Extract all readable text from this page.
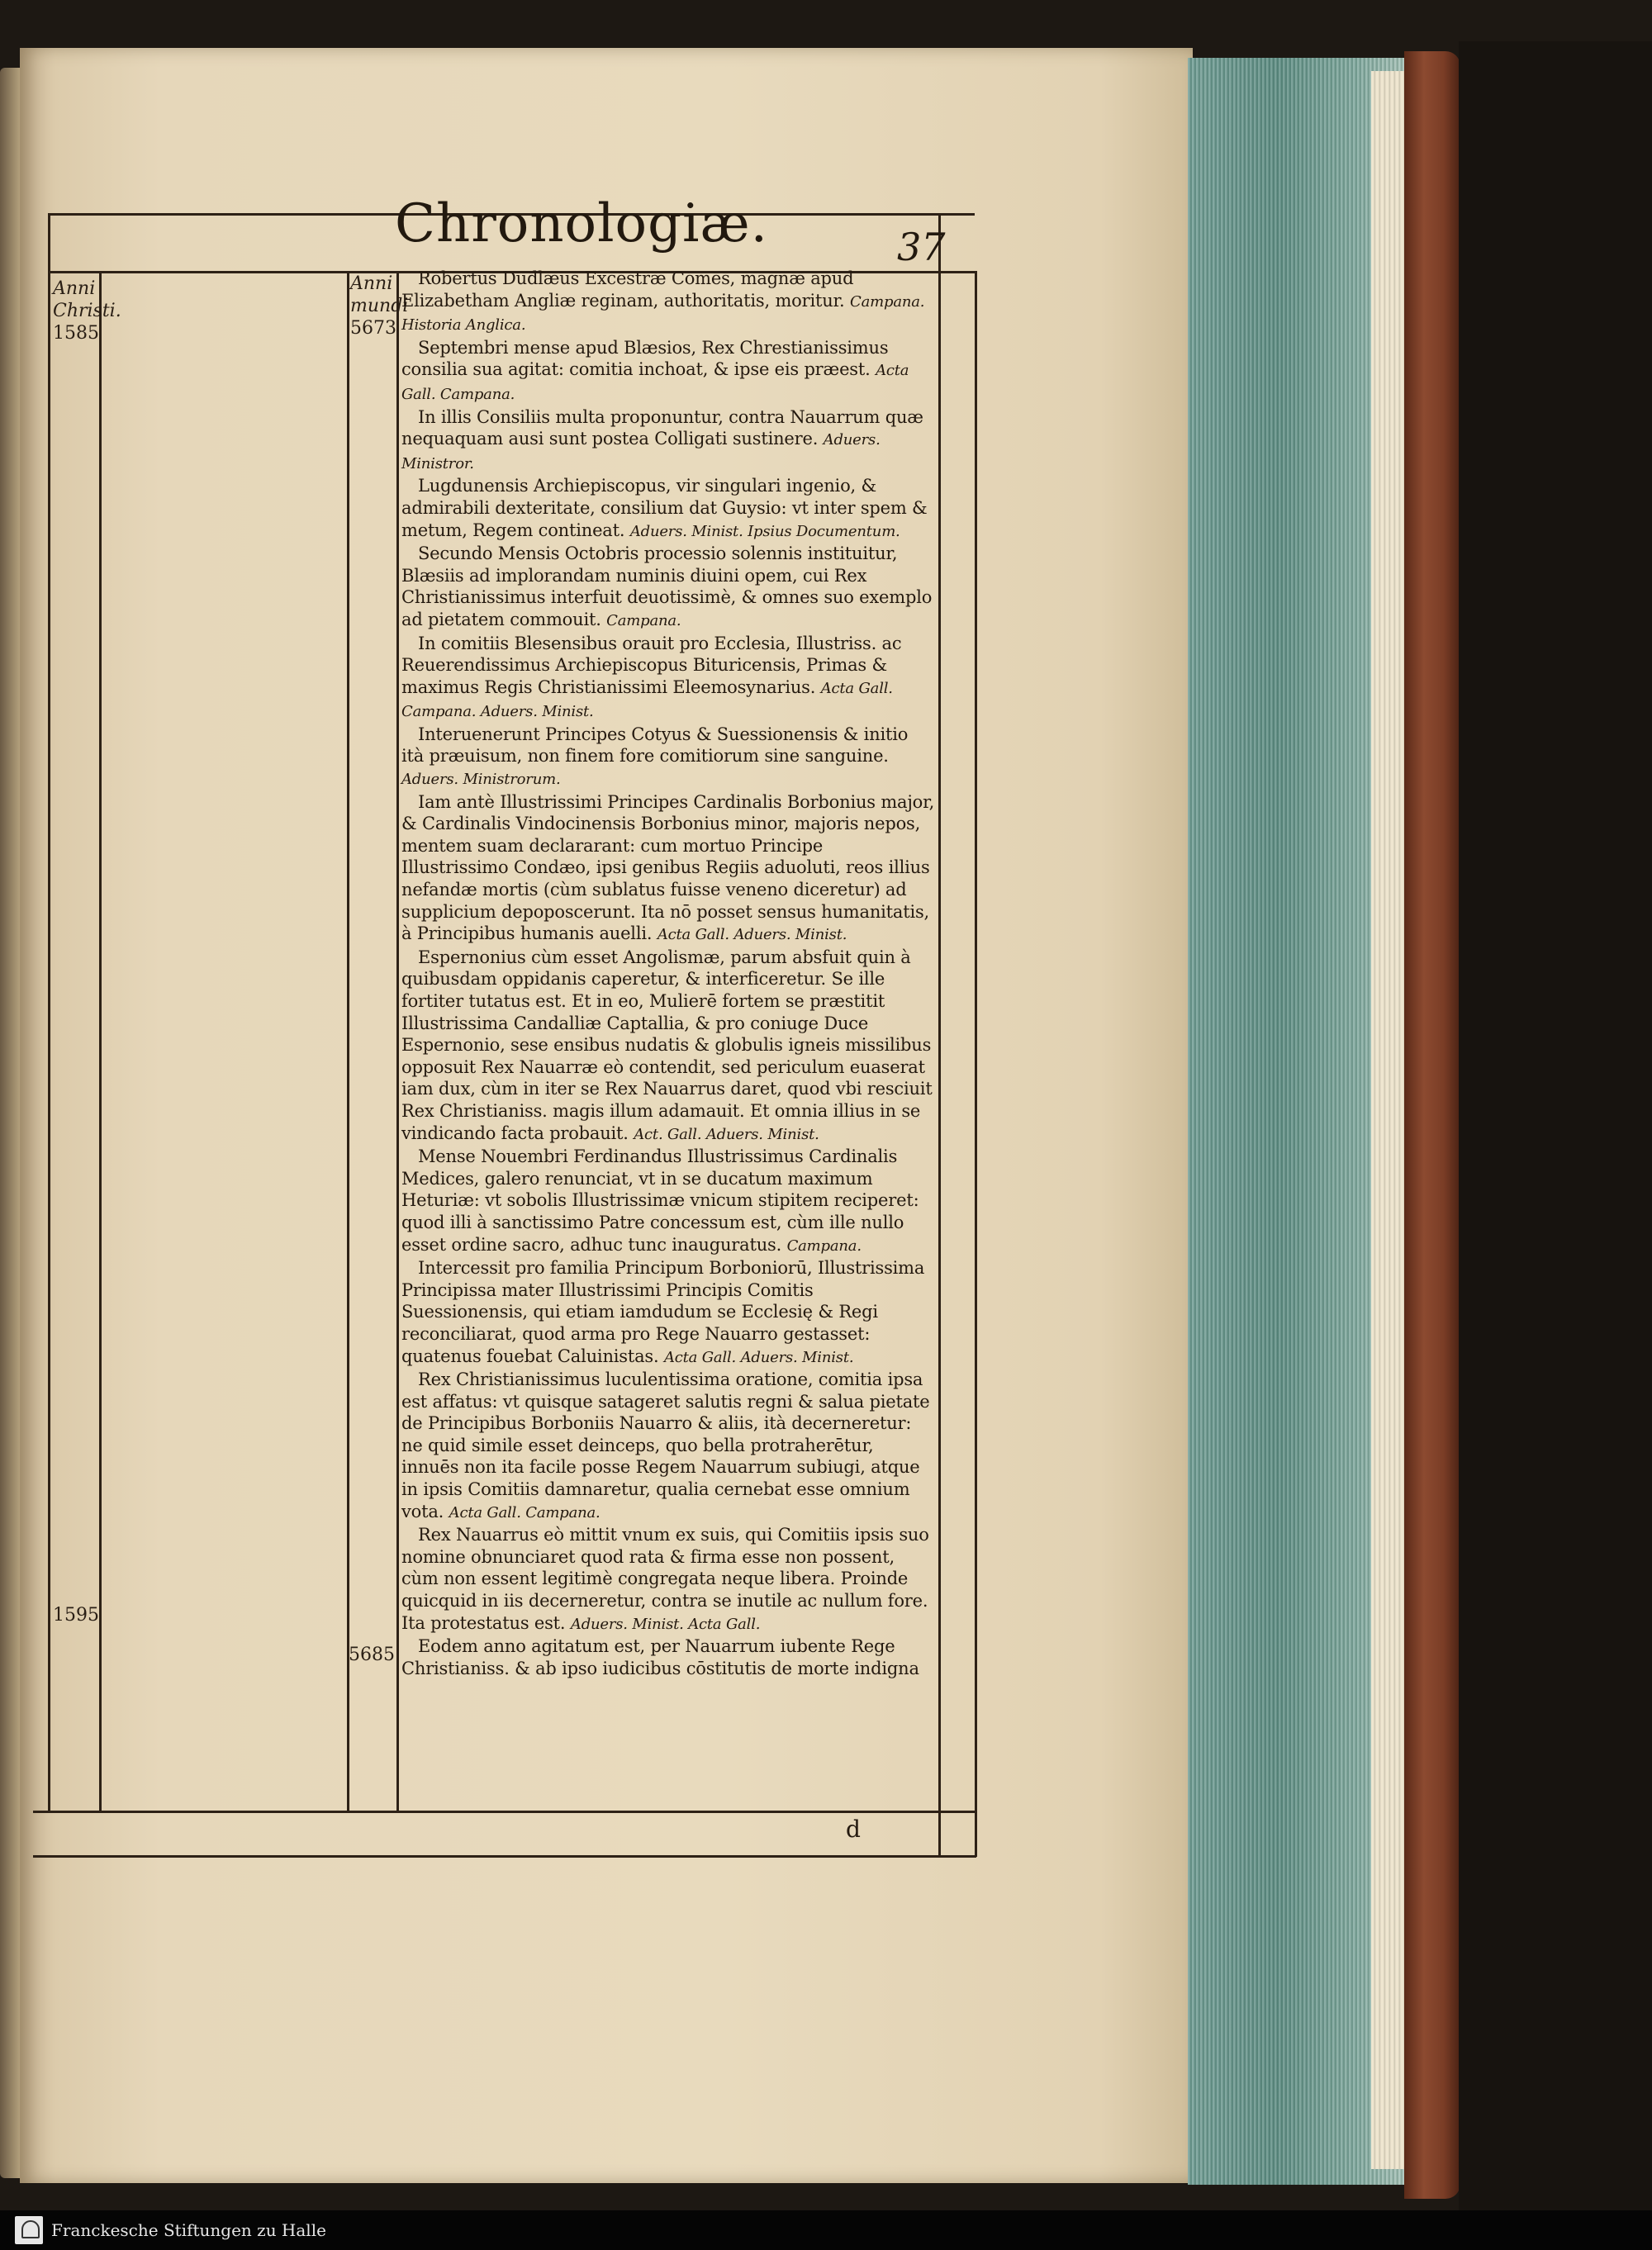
Chronologiæ.	37
Anni
Christi.
1585
1595
Anni
mundi
5673
5685

Robertus Dudlæus Excestræ Comes, magnæ apud Elizabetham Angliæ reginam, authoritatis, moritur. Campana. Historia Anglica.

Septembri mense apud Blæsios, Rex Chrestianissimus consilia sua agitat: comitia inchoat, & ipse eis præest. Acta Gall. Campana.

In illis Consiliis multa proponuntur, contra Nauarrum quæ nequaquam ausi sunt postea Colligati sustinere. Aduers. Ministror.

Lugdunensis Archiepiscopus, vir singulari ingenio, & admirabili dexteritate, consilium dat Guysio: vt inter spem & metum, Regem contineat. Aduers. Minist. Ipsius Documentum.

Secundo Mensis Octobris processio solennis instituitur, Blæsiis ad implorandam numinis diuini opem, cui Rex Christianissimus interfuit deuotissimè, & omnes suo exemplo ad pietatem commouit. Campana.

In comitiis Blesensibus orauit pro Ecclesia, Illustriss. ac Reuerendissimus Archiepiscopus Bituricensis, Primas & maximus Regis Christianissimi Eleemosynarius. Acta Gall. Campana. Aduers. Minist.

Interuenerunt Principes Cotyus & Suessionensis & initio ità præuisum, non finem fore comitiorum sine sanguine. Aduers. Ministrorum.

Iam antè Illustrissimi Principes Cardinalis Borbonius major, & Cardinalis Vindocinensis Borbonius minor, majoris nepos, mentem suam declararant: cum mortuo Principe Illustrissimo Condæo, ipsi genibus Regiis aduoluti, reos illius nefandæ mortis (cùm sublatus fuisse veneno diceretur) ad supplicium depoposcerunt. Ita nō posset sensus humanitatis, à Principibus humanis auelli. Acta Gall. Aduers. Minist.

Espernonius cùm esset Angolismæ, parum absfuit quin à quibusdam oppidanis caperetur, & interficeretur. Se ille fortiter tutatus est. Et in eo, Mulierē fortem se præstitit Illustrissima Candalliæ Captallia, & pro coniuge Duce Espernonio, sese ensibus nudatis & globulis igneis missilibus opposuit Rex Nauarræ eò contendit, sed periculum euaserat iam dux, cùm in iter se Rex Nauarrus daret, quod vbi resciuit Rex Christianiss. magis illum adamauit. Et omnia illius in se vindicando facta probauit. Act. Gall. Aduers. Minist.

Mense Nouembri Ferdinandus Illustrissimus Cardinalis Medices, galero renunciat, vt in se ducatum maximum Heturiæ: vt sobolis Illustrissimæ vnicum stipitem reciperet: quod illi à sanctissimo Patre concessum est, cùm ille nullo esset ordine sacro, adhuc tunc inauguratus. Campana.

Intercessit pro familia Principum Borboniorū, Illustrissima Principissa mater Illustrissimi Principis Comitis Suessionensis, qui etiam iamdudum se Ecclesię & Regi reconciliarat, quod arma pro Rege Nauarro gestasset: quatenus fouebat Caluinistas. Acta Gall. Aduers. Minist.

Rex Christianissimus luculentissima oratione, comitia ipsa est affatus: vt quisque satageret salutis regni & salua pietate de Principibus Borboniis Nauarro & aliis, ità decerneretur: ne quid simile esset deinceps, quo bella protraherētur, innuēs non ita facile posse Regem Nauarrum subiugi, atque in ipsis Comitiis damnaretur, qualia cernebat esse omnium vota. Acta Gall. Campana.

Rex Nauarrus eò mittit vnum ex suis, qui Comitiis ipsis suo nomine obnunciaret quod rata & firma esse non possent, cùm non essent legitimè congregata neque libera. Proinde quicquid in iis decerneretur, contra se inutile ac nullum fore. Ita protestatus est. Aduers. Minist. Acta Gall.

Eodem anno agitatum est, per Nauarrum iubente Rege Christianiss. & ab ipso iudicibus cōstitutis de morte indigna

d
Franckesche Stiftungen zu Halle
